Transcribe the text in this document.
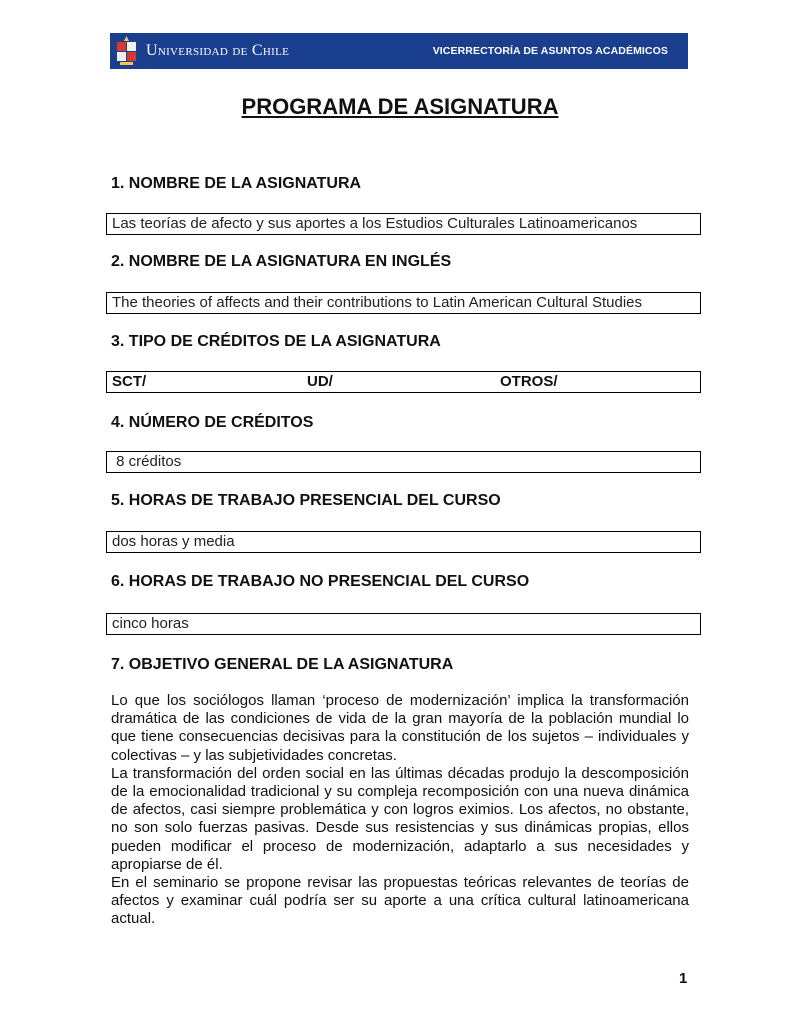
Universidad de Chile	VICERRECTORÍA DE ASUNTOS ACADÉMICOS
PROGRAMA DE ASIGNATURA
1. NOMBRE DE LA ASIGNATURA
Las teorías de afecto y sus aportes a los Estudios Culturales Latinoamericanos
2. NOMBRE DE LA ASIGNATURA EN INGLÉS
The theories of affects and their contributions to Latin American Cultural Studies
3. TIPO DE CRÉDITOS DE LA ASIGNATURA
SCT/	UD/	OTROS/
4. NÚMERO DE CRÉDITOS
8 créditos
5. HORAS DE TRABAJO PRESENCIAL DEL CURSO
dos horas y media
6. HORAS DE TRABAJO NO PRESENCIAL DEL CURSO
cinco horas
7. OBJETIVO GENERAL DE LA ASIGNATURA

Lo que los sociólogos llaman ‘proceso de modernización’ implica la transformación dramática de las condiciones de vida de la gran mayoría de la población mundial lo que tiene consecuencias decisivas para la constitución de los sujetos – individuales y colectivas – y las subjetividades concretas.

La transformación del orden social en las últimas décadas produjo la descomposición de la emocionalidad tradicional y su compleja recomposición con una nueva dinámica de afectos, casi siempre problemática y con logros eximios. Los afectos, no obstante, no son solo fuerzas pasivas. Desde sus resistencias y sus dinámicas propias, ellos pueden modificar el proceso de modernización, adaptarlo a sus necesidades y apropiarse de él.

En el seminario se propone revisar las propuestas teóricas relevantes de teorías de afectos y examinar cuál podría ser su aporte a una crítica cultural latinoamericana actual.

1
